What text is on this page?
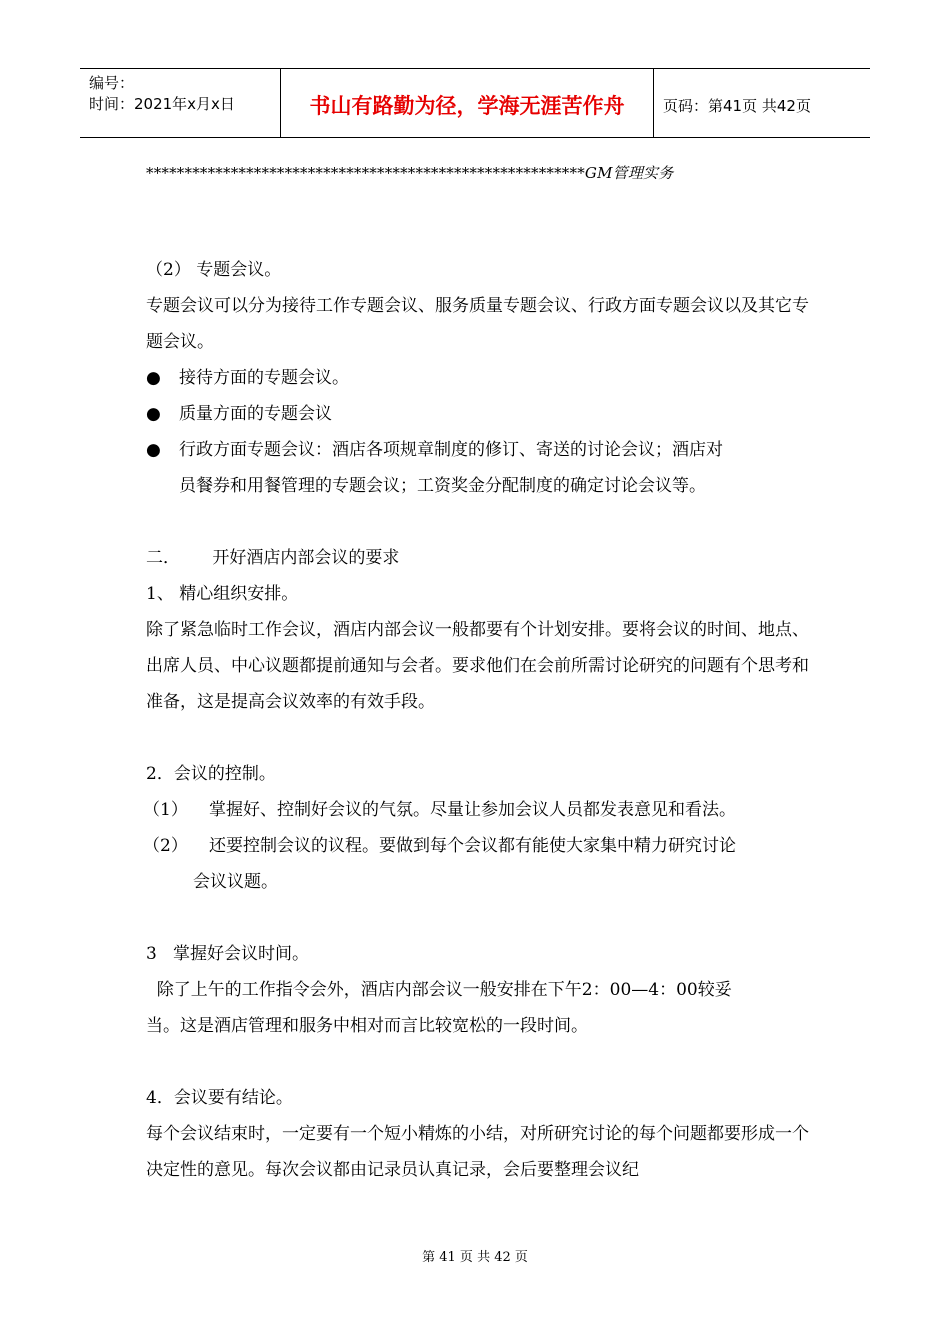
编号：
时间：2021年x月x日	书山有路勤为径，学海无涯苦作舟	页码：第41页 共42页
*********************************************************GM管理实务

（2） 专题会议。

专题会议可以分为接待工作专题会议、服务质量专题会议、行政方面专题会议以及其它专题会议。

●	接待方面的专题会议。
●	质量方面的专题会议
●	行政方面专题会议：酒店各项规章制度的修订、寄送的讨论会议；酒店对

员餐券和用餐管理的专题会议；工资奖金分配制度的确定讨论会议等。

二．      开好酒店内部会议的要求

1、 精心组织安排。

除了紧急临时工作会议，酒店内部会议一般都要有个计划安排。要将会议的时间、地点、出席人员、中心议题都提前通知与会者。要求他们在会前所需讨论研究的问题有个思考和准备，这是提高会议效率的有效手段。

2．会议的控制。

（1）	掌握好、控制好会议的气氛。尽量让参加会议人员都发表意见和看法。
（2）	还要控制会议的议程。要做到每个会议都有能使大家集中精力研究讨论

会议议题。

3   掌握好会议时间。

除了上午的工作指令会外，酒店内部会议一般安排在下午2：00—4：00较妥

当。这是酒店管理和服务中相对而言比较宽松的一段时间。

4．会议要有结论。

每个会议结束时，一定要有一个短小精炼的小结，对所研究讨论的每个问题都要形成一个决定性的意见。每次会议都由记录员认真记录，会后要整理会议纪

第 41 页 共 42 页
